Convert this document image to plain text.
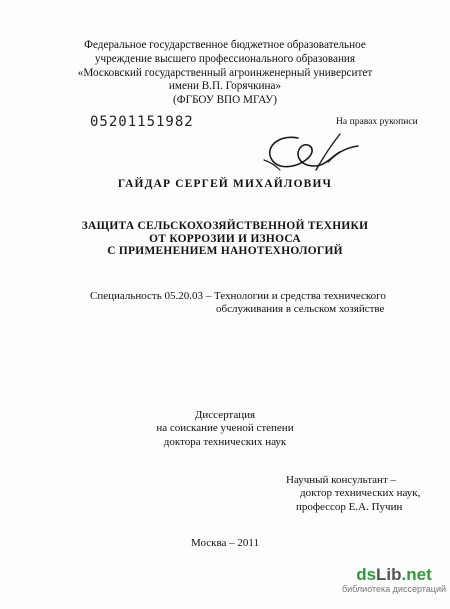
Федеральное государственное бюджетное образовательное
учреждение высшего профессионального образования
«Московский государственный агроинженерный университет
имени В.П. Горячкина»
(ФГБОУ ВПО МГАУ)
05201151982	На правах рукописи
ГАЙДАР СЕРГЕЙ МИХАЙЛОВИЧ
ЗАЩИТА СЕЛЬСКОХОЗЯЙСТВЕННОЙ ТЕХНИКИ
ОТ КОРРОЗИИ И ИЗНОСА
С ПРИМЕНЕНИЕМ НАНОТЕХНОЛОГИЙ
Специальность 05.20.03 – Технологии и средства технического
обслуживания в сельском хозяйстве
Диссертация
на соискание ученой степени
доктора технических наук
Научный консультант –
доктор технических наук,
профессор Е.А. Пучин
Москва – 2011
dsLib.net
библиотека диссертаций
